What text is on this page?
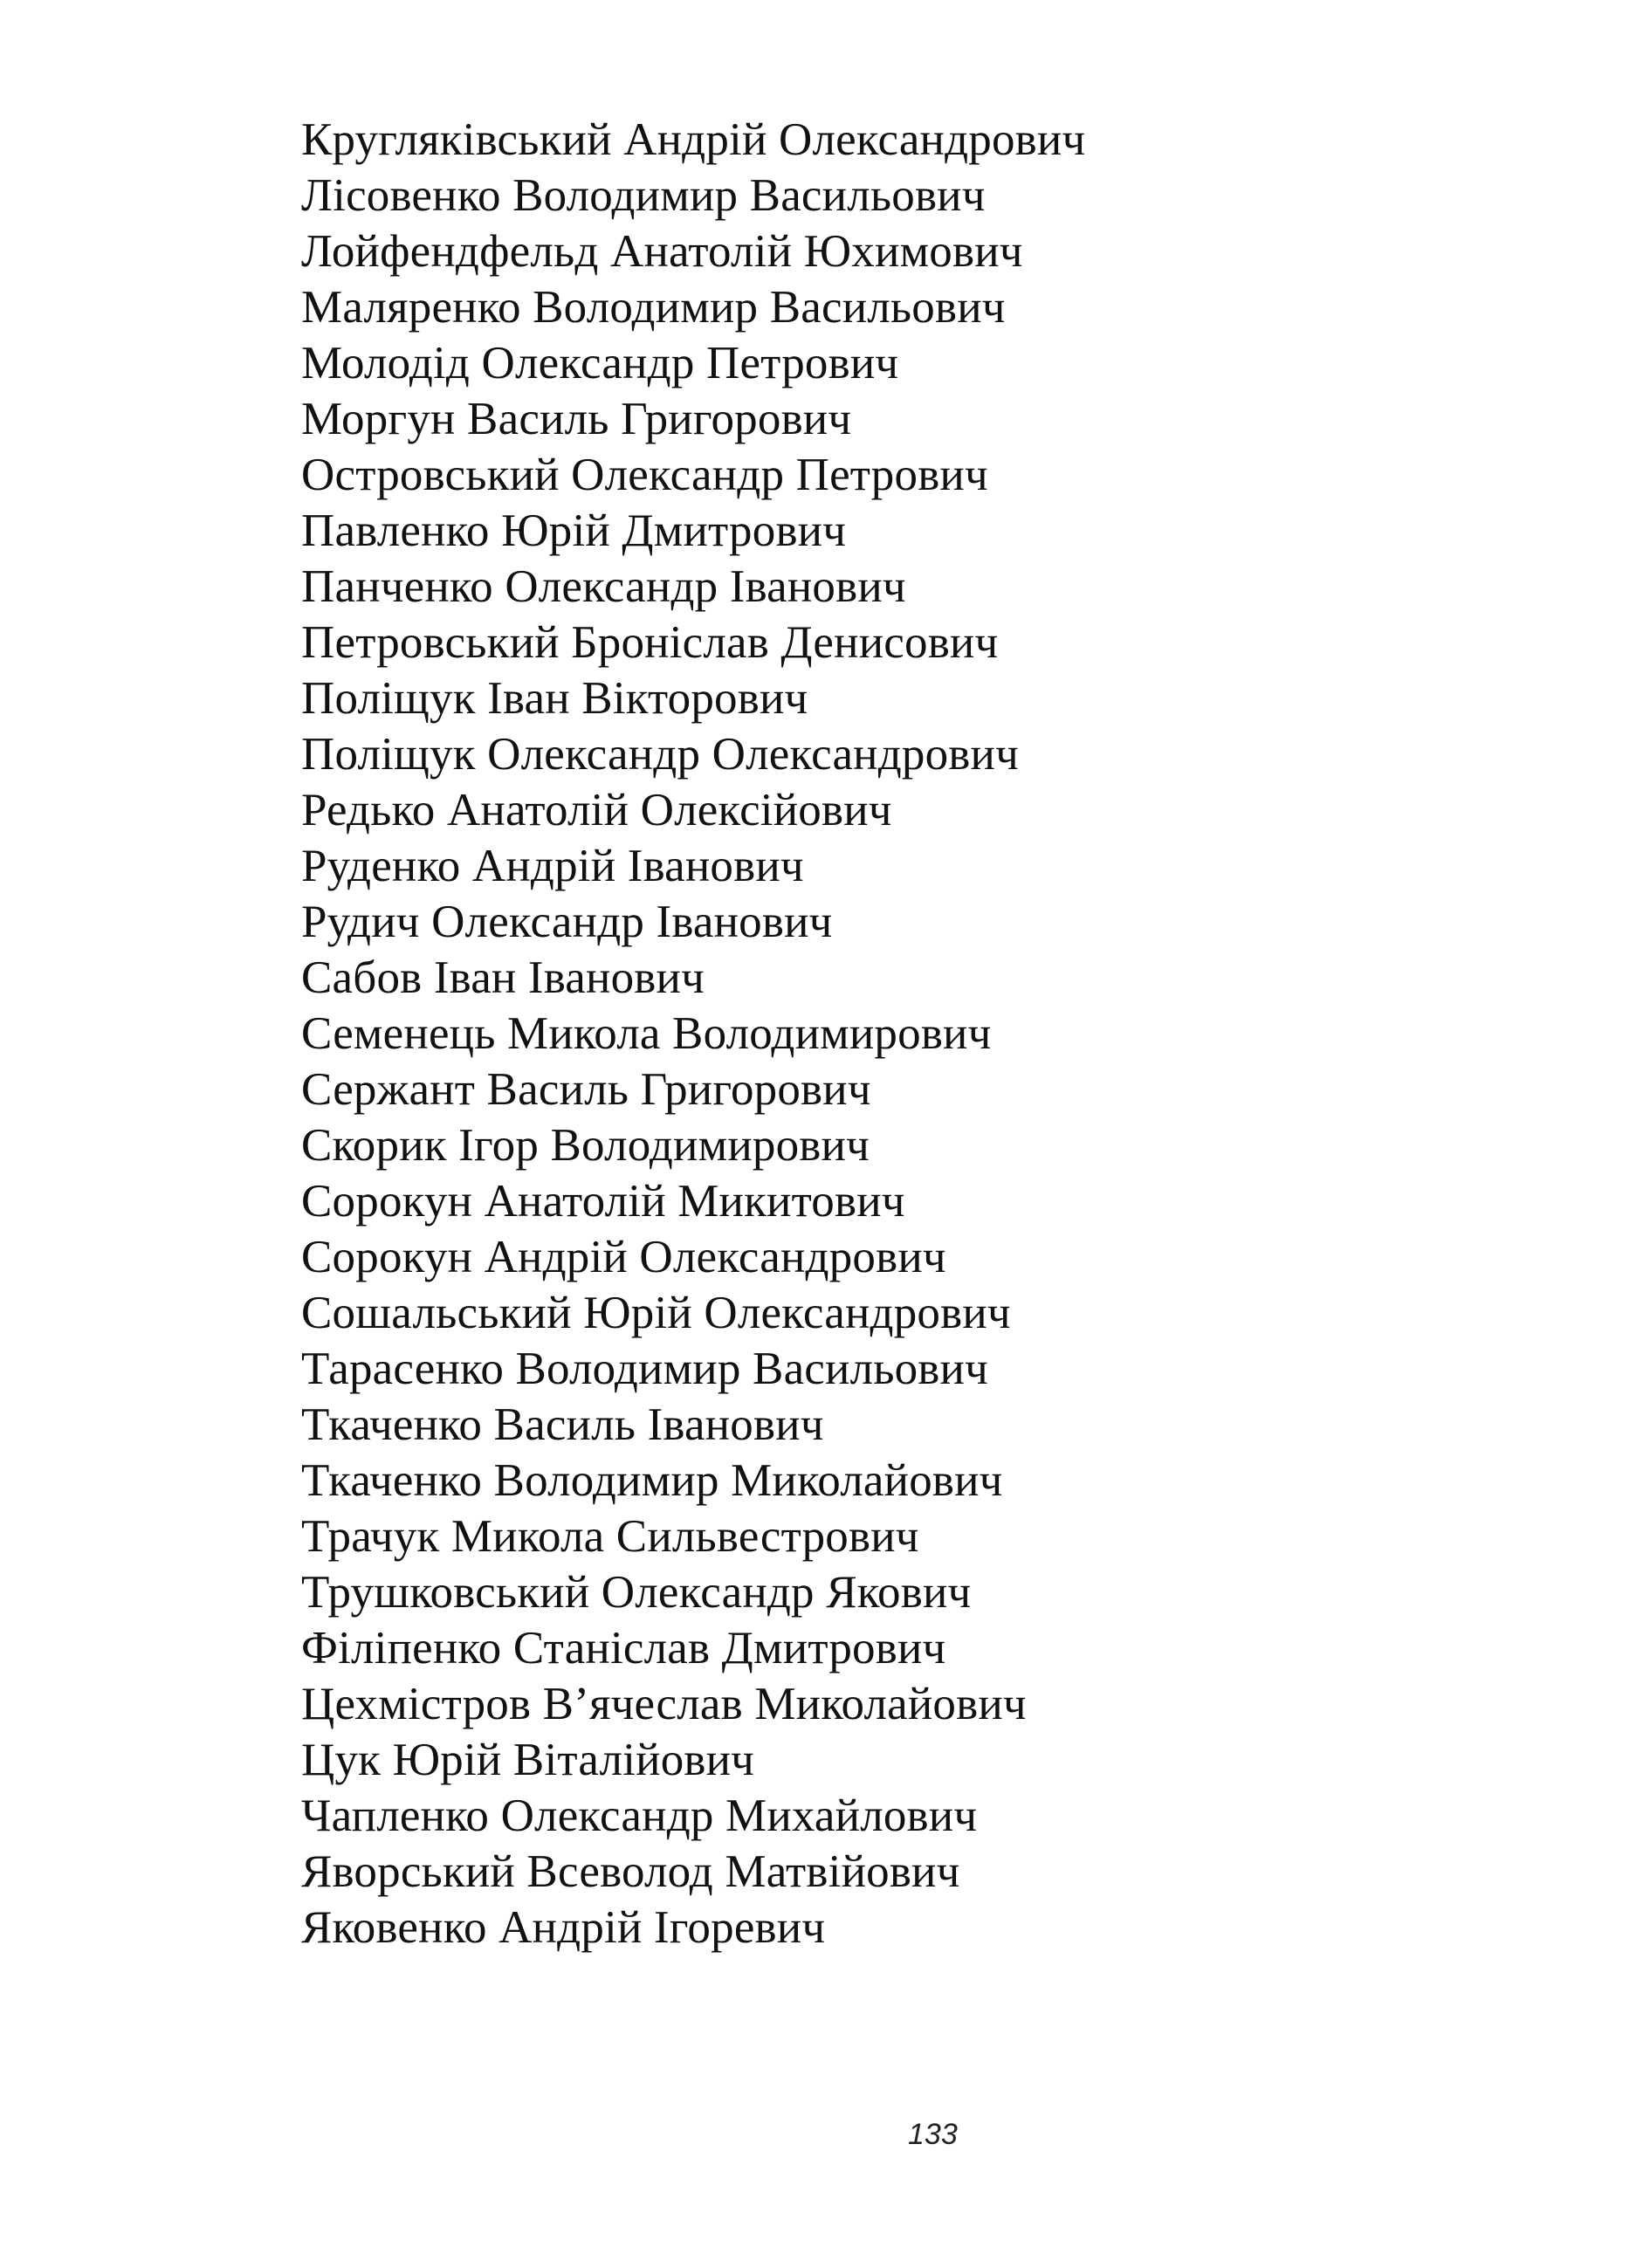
Кругляківський Андрій Олександрович
Лісовенко Володимир Васильович
Лойфендфельд Анатолій Юхимович
Маляренко Володимир Васильович
Молодід Олександр Петрович
Моргун Василь Григорович
Островський Олександр Петрович
Павленко Юрій Дмитрович
Панченко Олександр Іванович
Петровський Броніслав Денисович
Поліщук Іван Вікторович
Поліщук Олександр Олександрович
Редько Анатолій Олексійович
Руденко Андрій Іванович
Рудич Олександр Іванович
Сабов Іван Іванович
Семенець Микола Володимирович
Сержант Василь Григорович
Скорик Ігор Володимирович
Сорокун Анатолій Микитович
Сорокун Андрій Олександрович
Сошальський Юрій Олександрович
Тарасенко Володимир Васильович
Ткаченко Василь Іванович
Ткаченко Володимир Миколайович
Трачук Микола Сильвестрович
Трушковський Олександр Якович
Філіпенко Станіслав Дмитрович
Цехмістров В’ячеслав Миколайович
Цук Юрій Віталійович
Чапленко Олександр Михайлович
Яворський Всеволод Матвійович
Яковенко Андрій Ігоревич
133
